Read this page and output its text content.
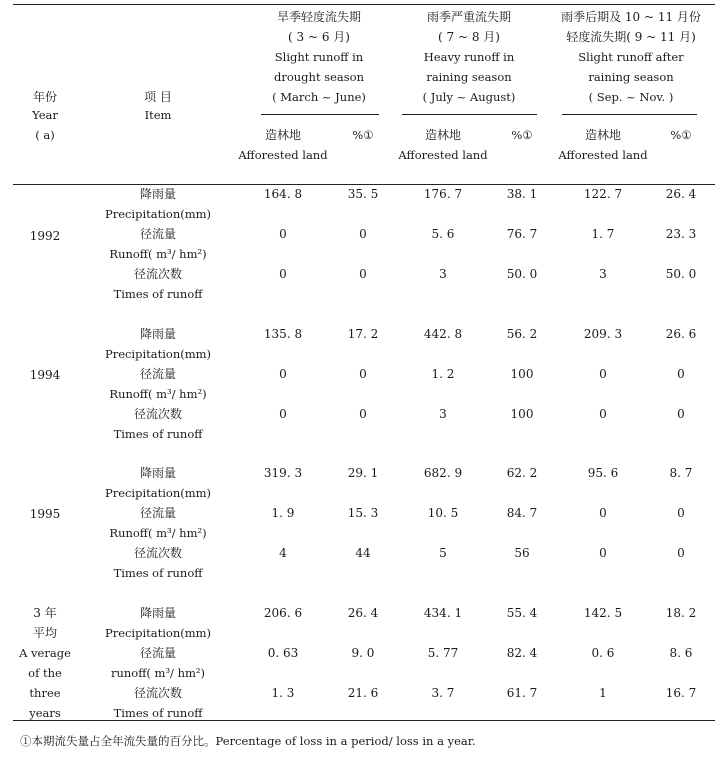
年份
Year
( a)
项 目
Item
旱季轻度流失期
( 3 ~ 6 月)
Slight runoff in
drought season
( March ~ June)
雨季严重流失期
( 7 ~ 8 月)
Heavy runoff in
raining season
( July ~ August)
雨季后期及 10 ~ 11 月份
轻度流失期( 9 ~ 11 月)
Slight runoff after
raining season
( Sep. ~ Nov. )
造林地
Afforested land
%①	造林地
Afforested land
%①	造林地
Afforested land
%①
1992
降雨量
Precipitation(mm)
164. 8	35. 5	176. 7	38. 1	122. 7	26. 4
径流量
Runoff( m³/ hm²)
0	0	5. 6	76. 7	1. 7	23. 3
径流次数
Times of runoff
0	0	3	50. 0	3	50. 0
1994
降雨量
Precipitation(mm)
135. 8	17. 2	442. 8	56. 2	209. 3	26. 6
径流量
Runoff( m³/ hm²)
0	0	1. 2	100	0	0
径流次数
Times of runoff
0	0	3	100	0	0
1995
降雨量
Precipitation(mm)
319. 3	29. 1	682. 9	62. 2	95. 6	8. 7
径流量
Runoff( m³/ hm²)
1. 9	15. 3	10. 5	84. 7	0	0
径流次数
Times of runoff
4	44	5	56	0	0
3 年
平均
A verage
of the
three
years
降雨量
Precipitation(mm)
206. 6	26. 4	434. 1	55. 4	142. 5	18. 2
径流量
runoff( m³/ hm²)
0. 63	9. 0	5. 77	82. 4	0. 6	8. 6
径流次数
Times of runoff
1. 3	21. 6	3. 7	61. 7	1	16. 7
①本期流失量占全年流失量的百分比。Percentage of loss in a period/ loss in a year.
